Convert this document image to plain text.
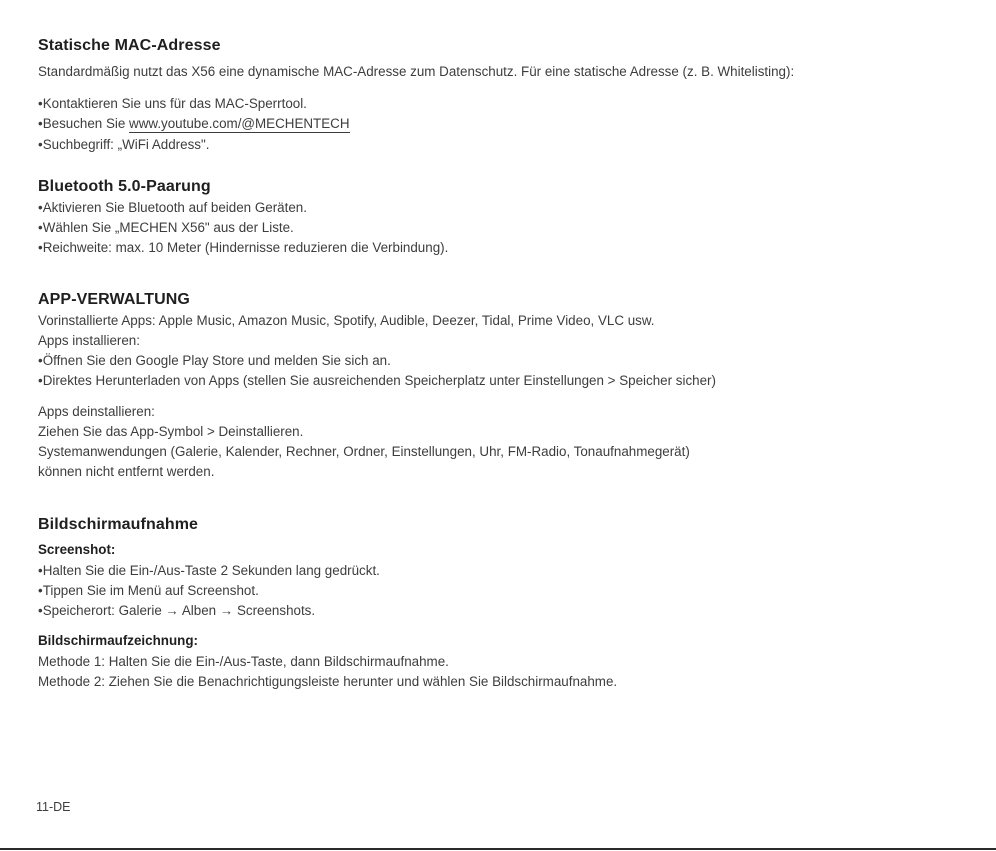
Statische MAC-Adresse
Standardmäßig nutzt das X56 eine dynamische MAC-Adresse zum Datenschutz. Für eine statische Adresse (z. B. Whitelisting):
•Kontaktieren Sie uns für das MAC-Sperrtool.
•Besuchen Sie www.youtube.com/@MECHENTECH
•Suchbegriff: „WiFi Address".
Bluetooth 5.0-Paarung
•Aktivieren Sie Bluetooth auf beiden Geräten.
•Wählen Sie „MECHEN X56" aus der Liste.
•Reichweite: max. 10 Meter (Hindernisse reduzieren die Verbindung).
APP-VERWALTUNG
Vorinstallierte Apps: Apple Music, Amazon Music, Spotify, Audible, Deezer, Tidal, Prime Video, VLC usw.
Apps installieren:
•Öffnen Sie den Google Play Store und melden Sie sich an.
•Direktes Herunterladen von Apps (stellen Sie ausreichenden Speicherplatz unter Einstellungen > Speicher sicher)
Apps deinstallieren:
Ziehen Sie das App-Symbol > Deinstallieren.
Systemanwendungen (Galerie, Kalender, Rechner, Ordner, Einstellungen, Uhr, FM-Radio, Tonaufnahmegerät)
können nicht entfernt werden.
Bildschirmaufnahme
Screenshot:
•Halten Sie die Ein-/Aus-Taste 2 Sekunden lang gedrückt.
•Tippen Sie im Menü auf Screenshot.
•Speicherort: Galerie → Alben → Screenshots.
Bildschirmaufzeichnung:
Methode 1: Halten Sie die Ein-/Aus-Taste, dann Bildschirmaufnahme.
Methode 2: Ziehen Sie die Benachrichtigungsleiste herunter und wählen Sie Bildschirmaufnahme.
11-DE
